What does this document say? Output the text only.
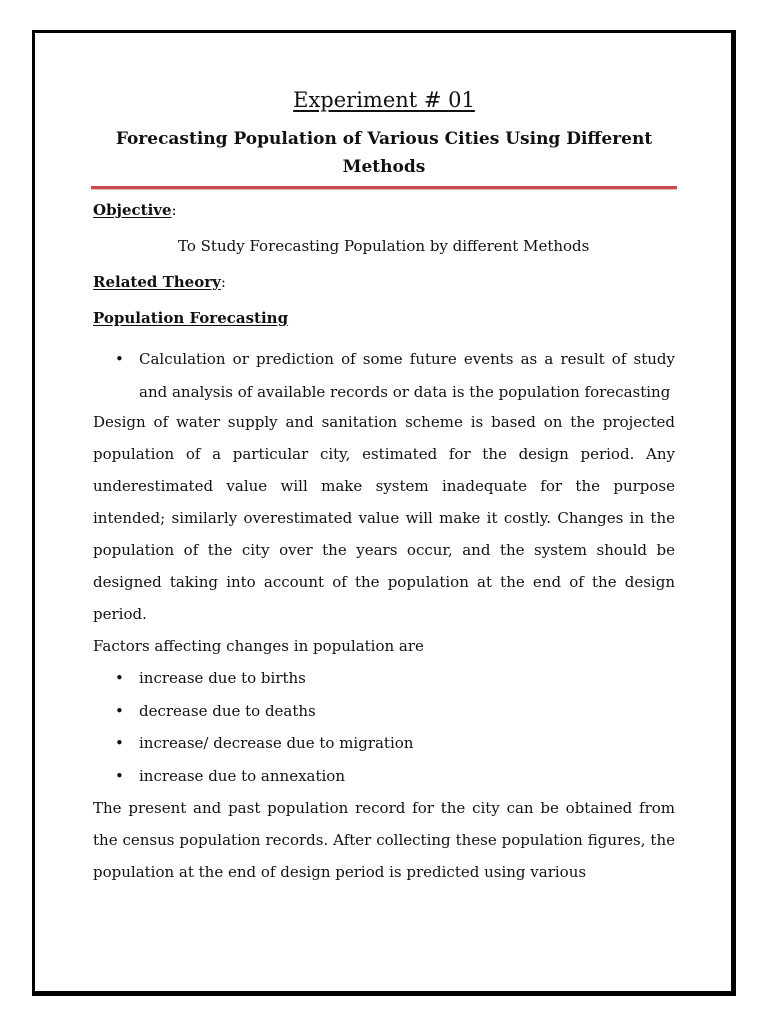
Experiment # 01
Forecasting Population of Various Cities Using Different Methods
Objective:
To Study Forecasting Population by different Methods
Related Theory:
Population Forecasting
• Calculation or prediction of some future events as a result of study and analysis of available records or data is the population forecasting

Design of water supply and sanitation scheme is based on the projected population of a particular city, estimated for the design period. Any underestimated value will make system inadequate for the purpose intended; similarly overestimated value will make it costly. Changes in the population of the city over the years occur, and the system should be designed taking into account of the population at the end of the design period.

Factors affecting changes in population are

• increase due to births
• decrease due to deaths
• increase/ decrease due to migration
• increase due to annexation

The present and past population record for the city can be obtained from the census population records. After collecting these population figures, the population at the end of design period is predicted using various
